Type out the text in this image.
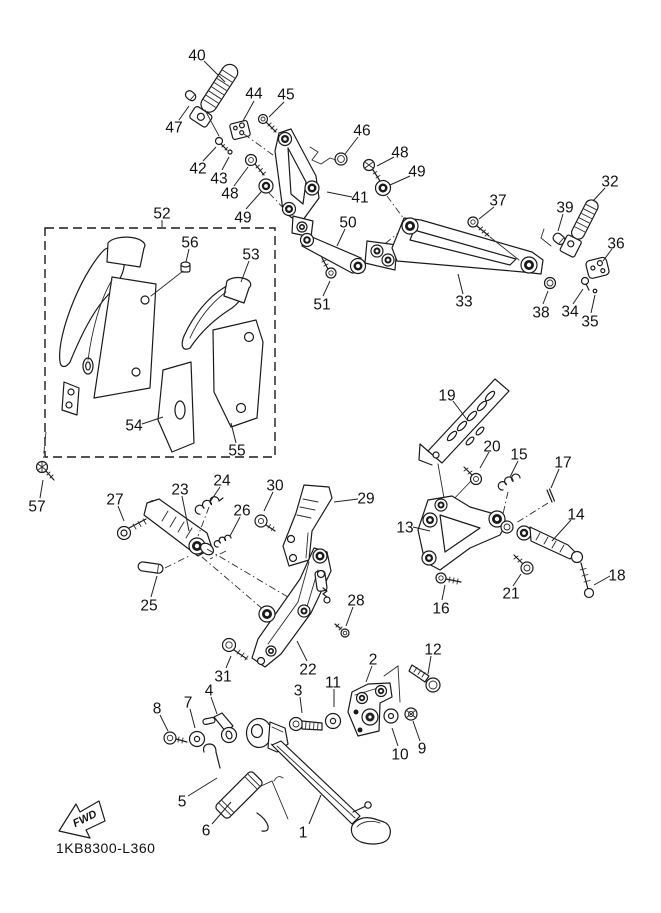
FWD
1KB8300-L360
1
2
3
4
5
6
7
8
9
10
11
12
13
14
15
16
17
18
19
20
21
22
23
24
25
26
27
28
29
30
31
32
33
34
35
36
37
38
39
40
41
42
43
44 45
46
47
48
48
49
49
50
51
52
53
54
55
56
57
